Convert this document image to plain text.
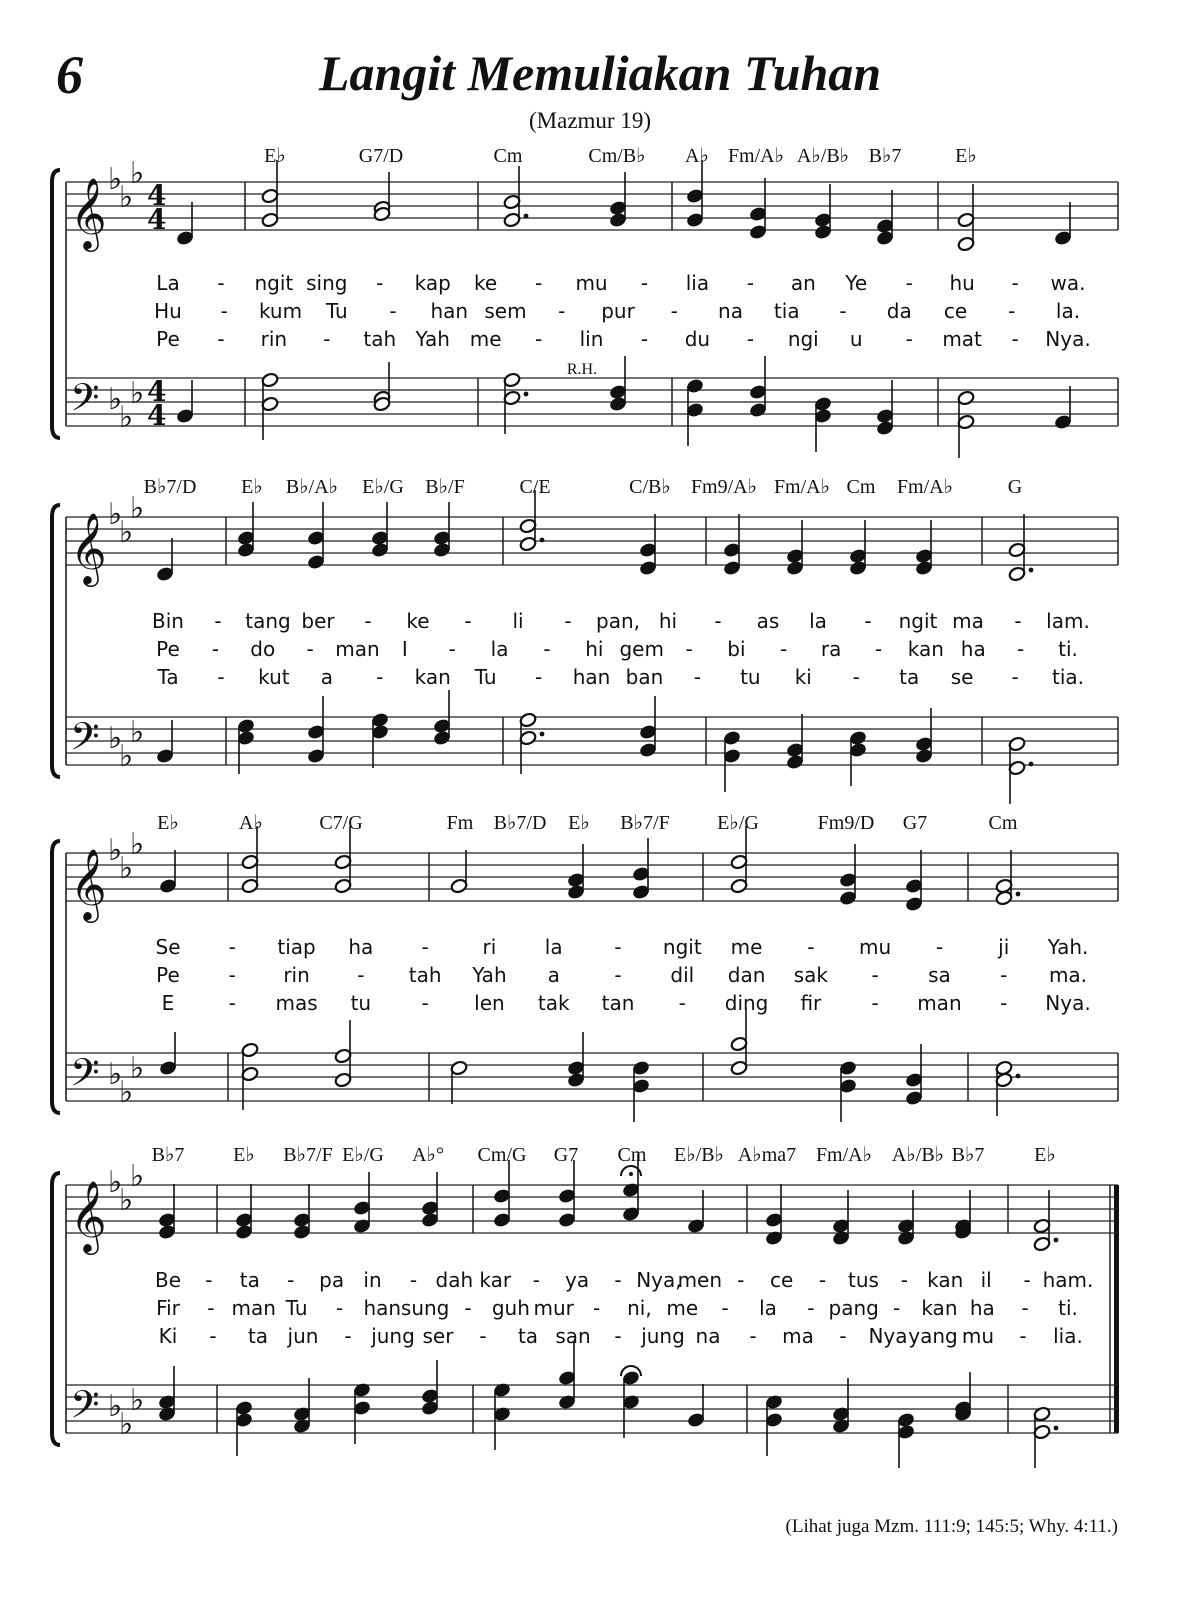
6	Langit Memuliakan Tuhan
(Mazmur 19)
E♭	G7/D	Cm	Cm/B♭ A♭ Fm/A♭ A♭/B♭ B♭7	E♭
La - ngit sing - kap ke - mu - lia - an Ye - hu - wa.
Hu - kum Tu - han sem - pur - na tia - da ce - la.
Pe - rin - tah Yah me - lin - du - ngi u - mat - Nya.
R.H.
𝄞 ♭
♭
♭
4
4
𝄢 ♭
♭
♭ 4
4
B♭7/D E♭ B♭/A♭ E♭/G B♭/F	C/E	C/B♭ Fm9/A♭ Fm/A♭ Cm Fm/A♭	G
Bin - tang ber - ke - li - pan, hi - as la - ngit ma - lam.
Pe - do - man I - la - hi gem - bi - ra - kan ha - ti.
Ta - kut a - kan Tu - han ban - tu ki - ta se - tia.
𝄞 ♭
♭
♭
𝄢 ♭
♭
♭
E♭	A♭	C7/G	Fm B♭7/D E♭ B♭7/F E♭/G	Fm9/D G7	Cm
Se - tiap ha -	ri la	- ngit me - mu -	ji Yah.
Pe - rin - tah Yah a	- dil dan sak - sa - ma.
E	- mas tu	- len tak tan - ding fir	- man - Nya.
𝄞 ♭
♭
♭
𝄢 ♭
♭
♭
B♭7 E♭ B♭7/F E♭/G A♭° Cm/G G7 Cm E♭/B♭ A♭ma7 Fm/A♭ A♭/B♭ B♭7 E♭
Be - ta - pa in - dah kar - ya - Nya,
men - ce - tus - kan il - ham.
Fir - man Tu - han sung - guh mur - ni, me - la - pang - kan ha - ti.
Ki - ta jun - jung ser - ta san - jung na - ma - Nya yang mu - lia.
𝄞 ♭
♭
♭
𝄢 ♭
♭
♭
(Lihat juga Mzm. 111:9; 145:5; Why. 4:11.)
